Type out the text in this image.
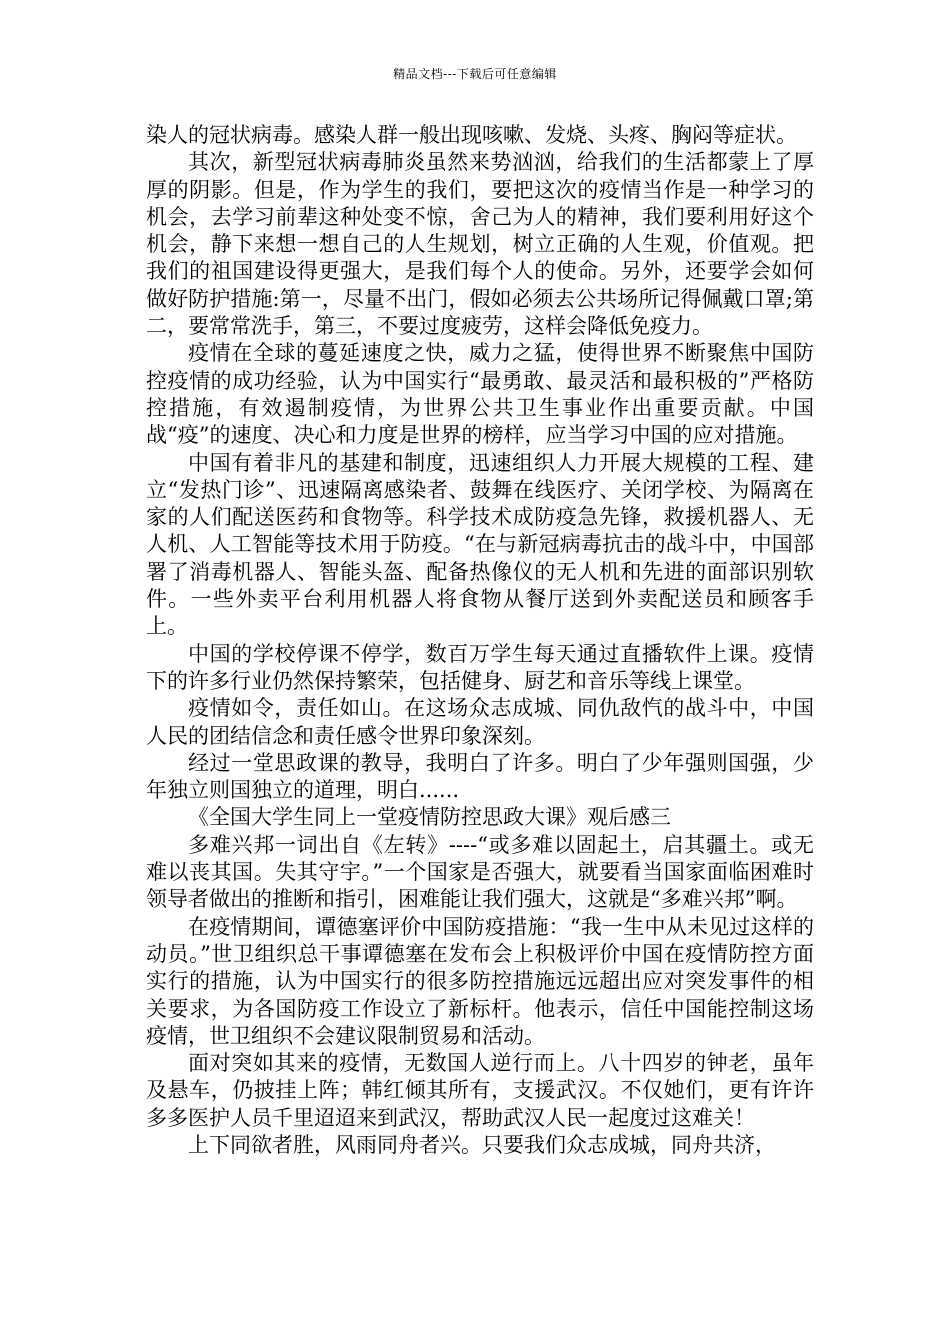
精品文档---下载后可任意编辑

染人的冠状病毒。感染人群一般出现咳嗽、发烧、头疼、胸闷等症状。

其次，新型冠状病毒肺炎虽然来势汹汹，给我们的生活都蒙上了厚厚的阴影。但是，作为学生的我们，要把这次的疫情当作是一种学习的机会，去学习前辈这种处变不惊，舍己为人的精神，我们要利用好这个机会，静下来想一想自己的人生规划，树立正确的人生观，价值观。把我们的祖国建设得更强大，是我们每个人的使命。另外，还要学会如何做好防护措施:第一，尽量不出门，假如必须去公共场所记得佩戴口罩;第二，要常常洗手，第三，不要过度疲劳，这样会降低免疫力。

疫情在全球的蔓延速度之快，威力之猛，使得世界不断聚焦中国防控疫情的成功经验，认为中国实行“最勇敢、最灵活和最积极的”严格防控措施，有效遏制疫情，为世界公共卫生事业作出重要贡献。中国战“疫”的速度、决心和力度是世界的榜样，应当学习中国的应对措施。

中国有着非凡的基建和制度，迅速组织人力开展大规模的工程、建立“发热门诊”、迅速隔离感染者、鼓舞在线医疗、关闭学校、为隔离在家的人们配送医药和食物等。科学技术成防疫急先锋，救援机器人、无人机、人工智能等技术用于防疫。“在与新冠病毒抗击的战斗中，中国部署了消毒机器人、智能头盔、配备热像仪的无人机和先进的面部识别软件。一些外卖平台利用机器人将食物从餐厅送到外卖配送员和顾客手上。

中国的学校停课不停学，数百万学生每天通过直播软件上课。疫情下的许多行业仍然保持繁荣，包括健身、厨艺和音乐等线上课堂。

疫情如令，责任如山。在这场众志成城、同仇敌忾的战斗中，中国人民的团结信念和责任感令世界印象深刻。

经过一堂思政课的教导，我明白了许多。明白了少年强则国强，少年独立则国独立的道理，明白......

《全国大学生同上一堂疫情防控思政大课》观后感三

多难兴邦一词出自《左转》----“或多难以固起土，启其疆土。或无难以丧其国。失其守宇。”一个国家是否强大，就要看当国家面临困难时领导者做出的推断和指引，困难能让我们强大，这就是“多难兴邦”啊。

在疫情期间，谭德塞评价中国防疫措施：“我一生中从未见过这样的动员。”世卫组织总干事谭德塞在发布会上积极评价中国在疫情防控方面实行的措施，认为中国实行的很多防控措施远远超出应对突发事件的相关要求，为各国防疫工作设立了新标杆。他表示，信任中国能控制这场疫情，世卫组织不会建议限制贸易和活动。

面对突如其来的疫情，无数国人逆行而上。八十四岁的钟老，虽年及悬车，仍披挂上阵；韩红倾其所有，支援武汉。不仅她们，更有许许多多医护人员千里迢迢来到武汉，帮助武汉人民一起度过这难关！

上下同欲者胜，风雨同舟者兴。只要我们众志成城，同舟共济，
